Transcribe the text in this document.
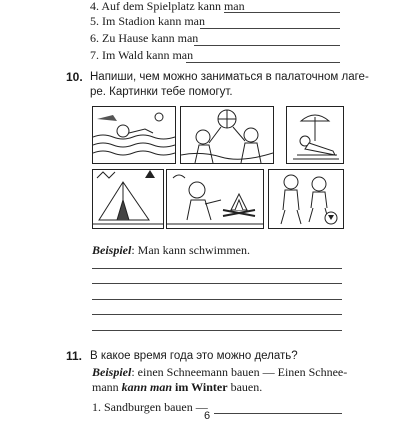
4. Auf dem Spielplatz kann man
5. Im Stadion kann man
6. Zu Hause kann man
7. Im Wald kann man
10. Напиши, чем можно заниматься в палаточном лаге-
ре. Картинки тебе помогут.
Beispiel: Man kann schwimmen.
11. В какое время года это можно делать?
Beispiel: einen Schneemann bauen — Einen Schnee-
mann kann man im Winter bauen.
1. Sandburgen bauen —
6
